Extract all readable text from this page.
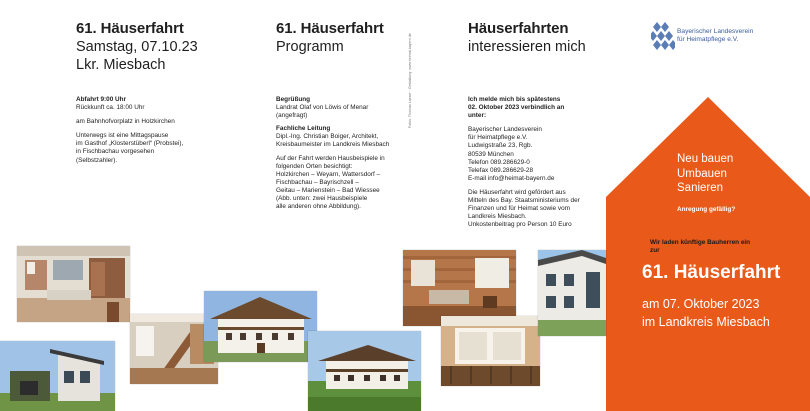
61. Häuserfahrt
Samstag, 07.10.23
Lkr. Miesbach
Abfahrt 9:00 Uhr
Rückkunft ca. 18:00 Uhr
am Bahnhofvorplatz in Holzkirchen
Unterwegs ist eine Mittagspause
im Gasthof „Klosterstüberl“ (Probstei),
in Fischbachau vorgesehen
(Selbstzahler).
61. Häuserfahrt
Programm
Begrüßung
Landrat Olaf von Löwis of Menar
(angefragt)
Fachliche Leitung
Dipl.-Ing. Christian Boiger, Architekt,
Kreisbaumeister im Landkreis Miesbach
Auf der Fahrt werden Hausbeispiele in
folgenden Orten besichtigt:
Holzkirchen – Weyarn, Wattersdorf –
Fischbachau – Bayrischzell –
Geitau – Marienstein – Bad Wiessee
(Abb. unten: zwei Hausbeispiele
alle anderen ohne Abbildung).
Fotos: Thomas Lasser · Gestaltung: www.heimat-bayern.de
Häuserfahrten
interessieren mich
Ich melde mich bis spätestens
02. Oktober 2023 verbindlich an
unter:
Bayerischer Landesverein
für Heimatpflege e.V.
Ludwigstraße 23, Rgb.
80539 München
Telefon 089.286629-0
Telefax 089.286629-28
E-mail info@heimat-bayern.de
Die Häuserfahrt wird gefördert aus
Mitteln des Bay. Staatsministeriums der
Finanzen und für Heimat sowie vom
Landkreis Miesbach.
Unkostenbeitrag pro Person 10 Euro
Bayerischer Landesverein
für Heimatpflege e.V.
Neu bauen
Umbauen
Sanieren
Anregung gefällig?
Wir laden künftige Bauherren ein
zur
61. Häuserfahrt
am 07. Oktober 2023
im Landkreis Miesbach
